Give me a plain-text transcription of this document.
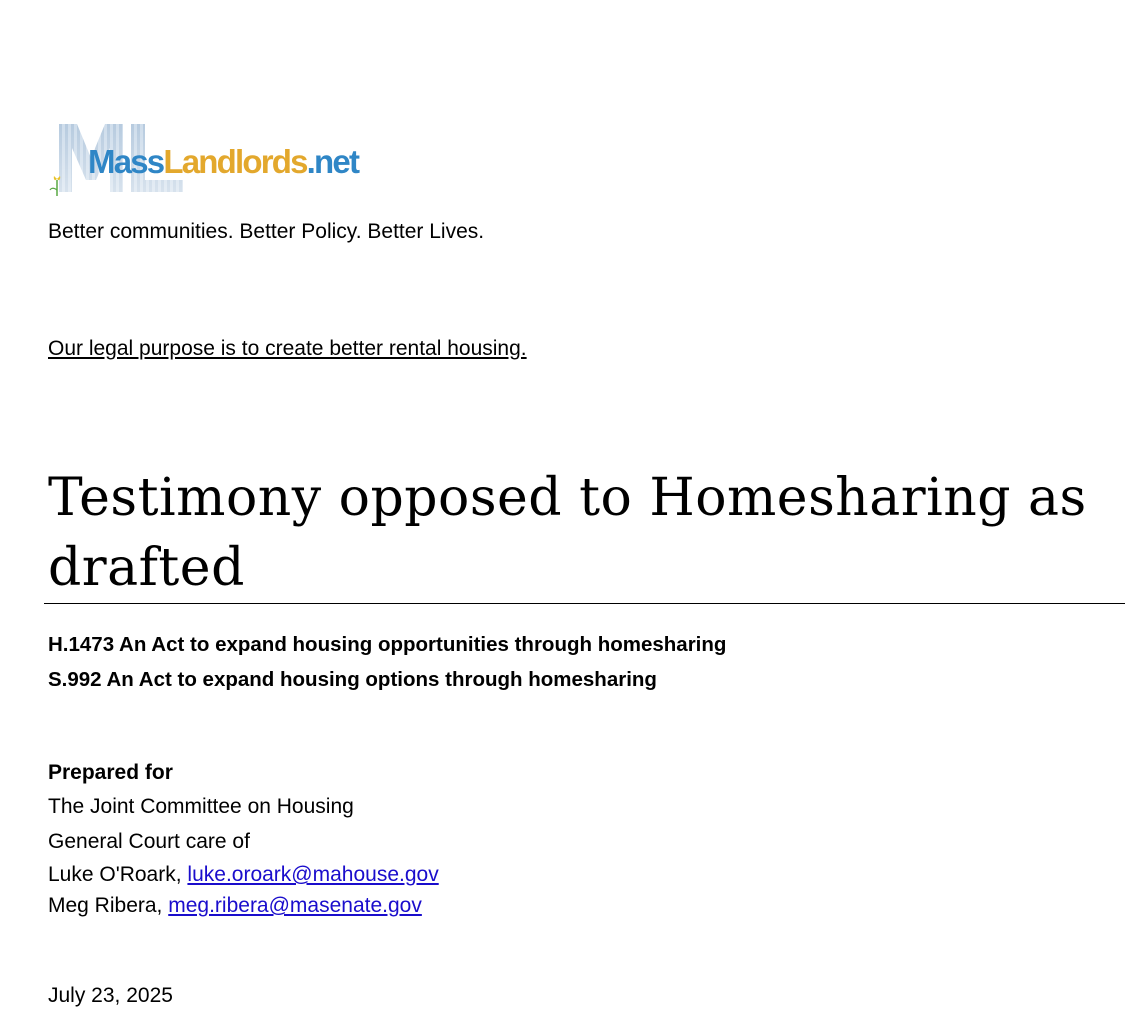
MassLandlords.net
Better communities. Better Policy. Better Lives.
Our legal purpose is to create better rental housing.
Testimony opposed to Homesharing as
drafted
H.1473 An Act to expand housing opportunities through homesharing
S.992 An Act to expand housing options through homesharing
Prepared for
The Joint Committee on Housing
General Court care of
Luke O'Roark, luke.oroark@mahouse.gov
Meg Ribera, meg.ribera@masenate.gov
July 23, 2025
